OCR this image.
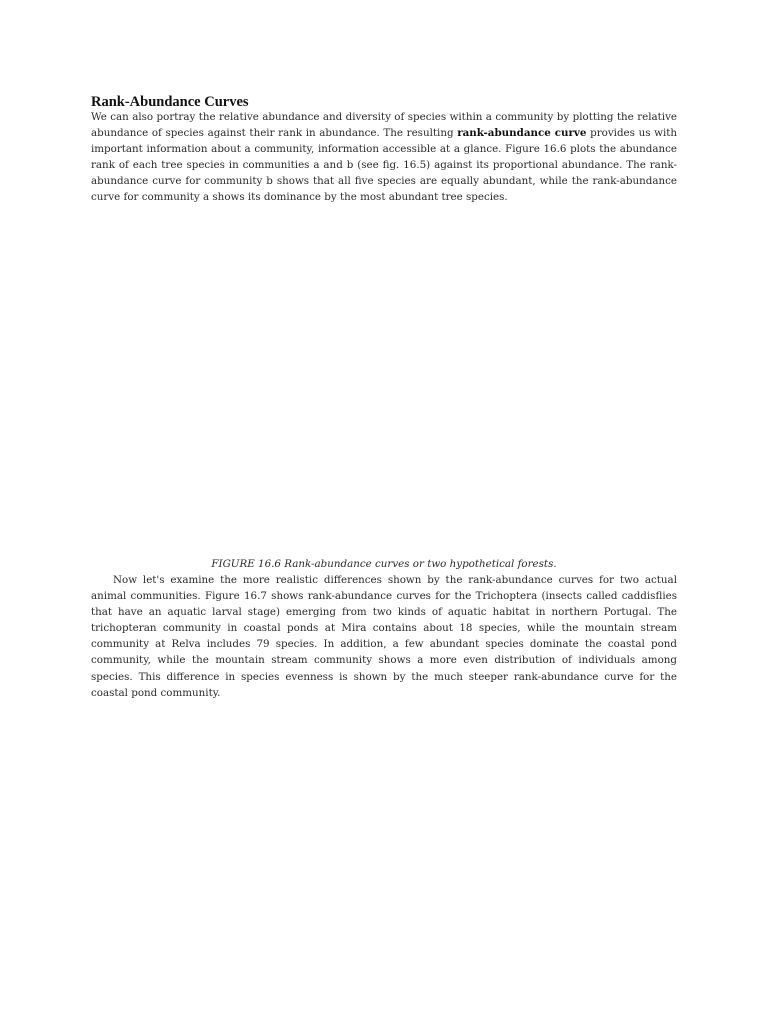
Rank-Abundance Curves

We can also portray the relative abundance and diversity of species within a community by plotting the relative abundance of species against their rank in abundance. The resulting rank-abundance curve provides us with important information about a community, information accessible at a glance. Figure 16.6 plots the abundance rank of each tree species in communities a and b (see fig. 16.5) against its proportional abundance. The rank-abundance curve for community b shows that all five species are equally abundant, while the rank-abundance curve for community a shows its dominance by the most abundant tree species.

FIGURE 16.6 Rank-abundance curves or two hypothetical forests.

Now let's examine the more realistic differences shown by the rank-abundance curves for two actual animal communities. Figure 16.7 shows rank-abundance curves for the Trichoptera (insects called caddisflies that have an aquatic larval stage) emerging from two kinds of aquatic habitat in northern Portugal. The trichopteran community in coastal ponds at Mira contains about 18 species, while the mountain stream community at Relva includes 79 species. In addition, a few abundant species dominate the coastal pond community, while the mountain stream community shows a more even distribution of individuals among species. This difference in species evenness is shown by the much steeper rank-abundance curve for the coastal pond community.
